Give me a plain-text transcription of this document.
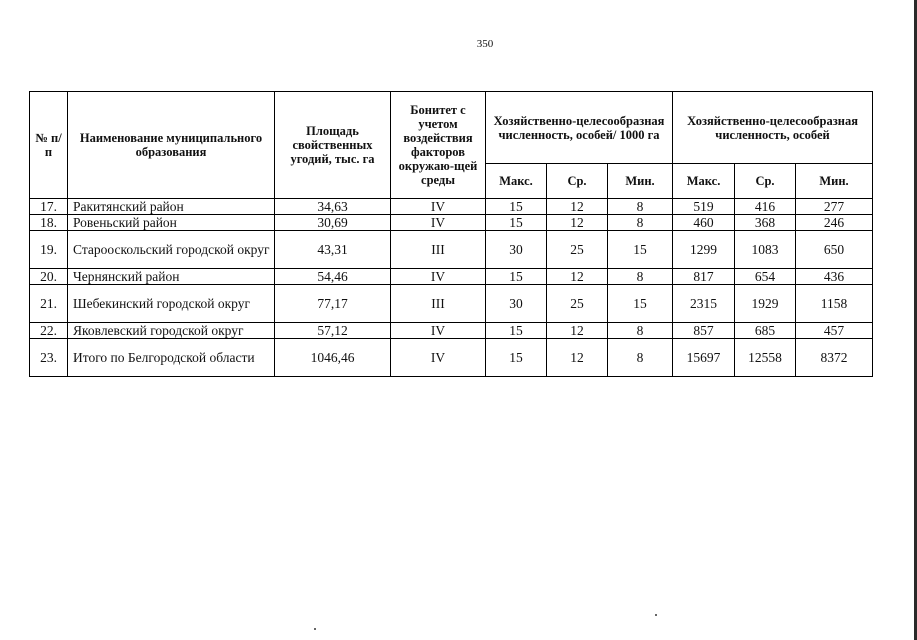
350
№ п/п	Наименование муниципального образования	Площадь свойственных угодий, тыс. га	Бонитет с учетом воздействия факторов окружаю-щей среды	Хозяйственно-целесообразная численность, особей/ 1000 га			Хозяйственно-целесообразная численность, особей		
				Макс.	Ср.	Мин.	Макс.	Ср.	Мин.
17.	Ракитянский район	34,63	IV	15	12	8	519	416	277
18.	Ровеньский район	30,69	IV	15	12	8	460	368	246
19.	Старооскольский городской округ	43,31	III	30	25	15	1299	1083	650
20.	Чернянский район	54,46	IV	15	12	8	817	654	436
21.	Шебекинский городской округ	77,17	III	30	25	15	2315	1929	1158
22.	Яковлевский городской округ	57,12	IV	15	12	8	857	685	457
23.	Итого по Белгородской области	1046,46	IV	15	12	8	15697	12558	8372
